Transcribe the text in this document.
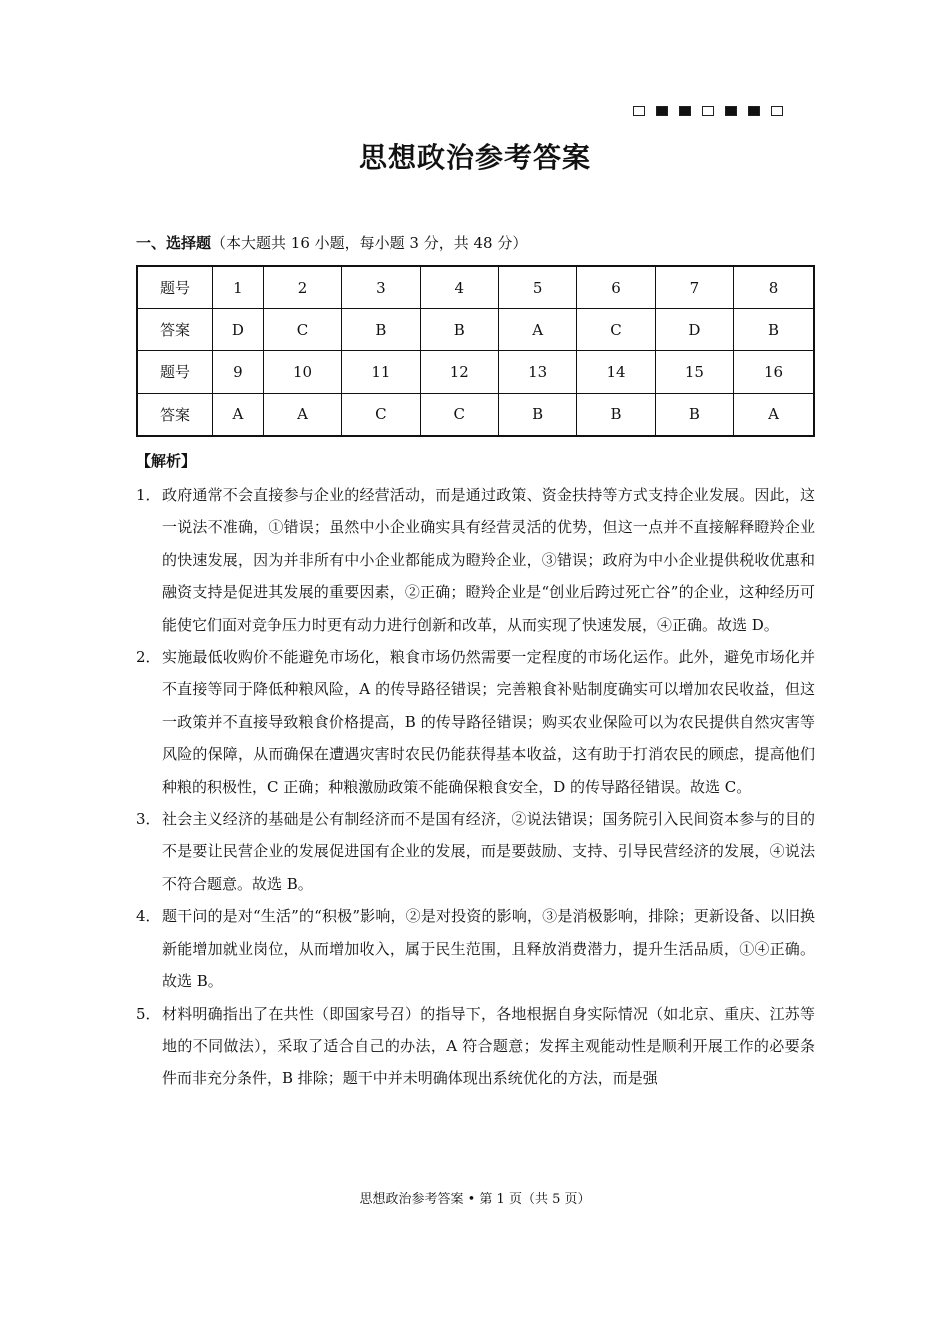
思想政治参考答案
一、选择题（本大题共 16 小题，每小题 3 分，共 48 分）
题号	1	2	3	4	5	6	7	8
答案	D	C	B	B	A	C	D	B
题号	9	10	11	12	13	14	15	16
答案	A	A	C	C	B	B	B	A
【解析】
1． 政府通常不会直接参与企业的经营活动，而是通过政策、资金扶持等方式支持企业发展。因此，这一说法不准确，①错误；虽然中小企业确实具有经营灵活的优势，但这一点并不直接解释瞪羚企业的快速发展，因为并非所有中小企业都能成为瞪羚企业，③错误；政府为中小企业提供税收优惠和融资支持是促进其发展的重要因素，②正确；瞪羚企业是“创业后跨过死亡谷”的企业，这种经历可能使它们面对竞争压力时更有动力进行创新和改革，从而实现了快速发展，④正确。故选 D。
2． 实施最低收购价不能避免市场化，粮食市场仍然需要一定程度的市场化运作。此外，避免市场化并不直接等同于降低种粮风险，A 的传导路径错误；完善粮食补贴制度确实可以增加农民收益，但这一政策并不直接导致粮食价格提高，B 的传导路径错误；购买农业保险可以为农民提供自然灾害等风险的保障，从而确保在遭遇灾害时农民仍能获得基本收益，这有助于打消农民的顾虑，提高他们种粮的积极性，C 正确；种粮激励政策不能确保粮食安全，D 的传导路径错误。故选 C。
3． 社会主义经济的基础是公有制经济而不是国有经济，②说法错误；国务院引入民间资本参与的目的不是要让民营企业的发展促进国有企业的发展，而是要鼓励、支持、引导民营经济的发展，④说法不符合题意。故选 B。
4． 题干问的是对“生活”的“积极”影响，②是对投资的影响，③是消极影响，排除；更新设备、以旧换新能增加就业岗位，从而增加收入，属于民生范围，且释放消费潜力，提升生活品质，①④正确。故选 B。
5． 材料明确指出了在共性（即国家号召）的指导下，各地根据自身实际情况（如北京、重庆、江苏等地的不同做法），采取了适合自己的办法，A 符合题意；发挥主观能动性是顺利开展工作的必要条件而非充分条件，B 排除；题干中并未明确体现出系统优化的方法，而是强
思想政治参考答案 • 第 1 页（共 5 页）
